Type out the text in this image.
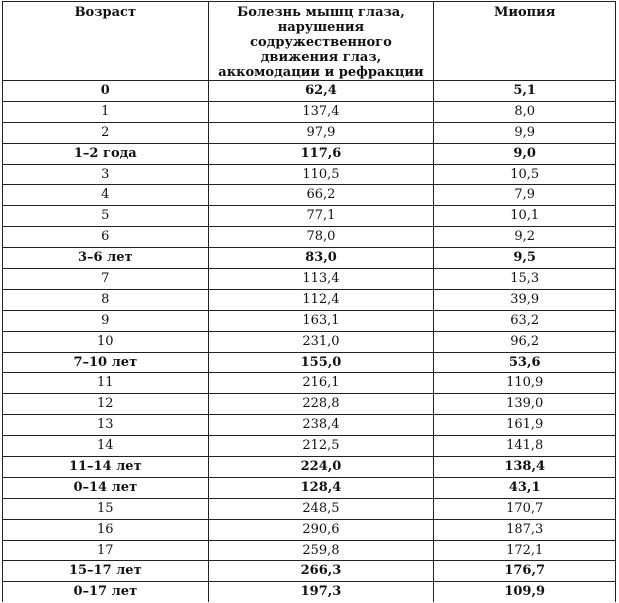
Возраст	Болезнь мышц глаза, нарушения содружественного движения глаз, аккомодации и рефракции	Миопия
0	62,4	5,1
1	137,4	8,0
2	97,9	9,9
1–2 года	117,6	9,0
3	110,5	10,5
4	66,2	7,9
5	77,1	10,1
6	78,0	9,2
3–6 лет	83,0	9,5
7	113,4	15,3
8	112,4	39,9
9	163,1	63,2
10	231,0	96,2
7–10 лет	155,0	53,6
11	216,1	110,9
12	228,8	139,0
13	238,4	161,9
14	212,5	141,8
11–14 лет	224,0	138,4
0–14 лет	128,4	43,1
15	248,5	170,7
16	290,6	187,3
17	259,8	172,1
15–17 лет	266,3	176,7
0–17 лет	197,3	109,9
